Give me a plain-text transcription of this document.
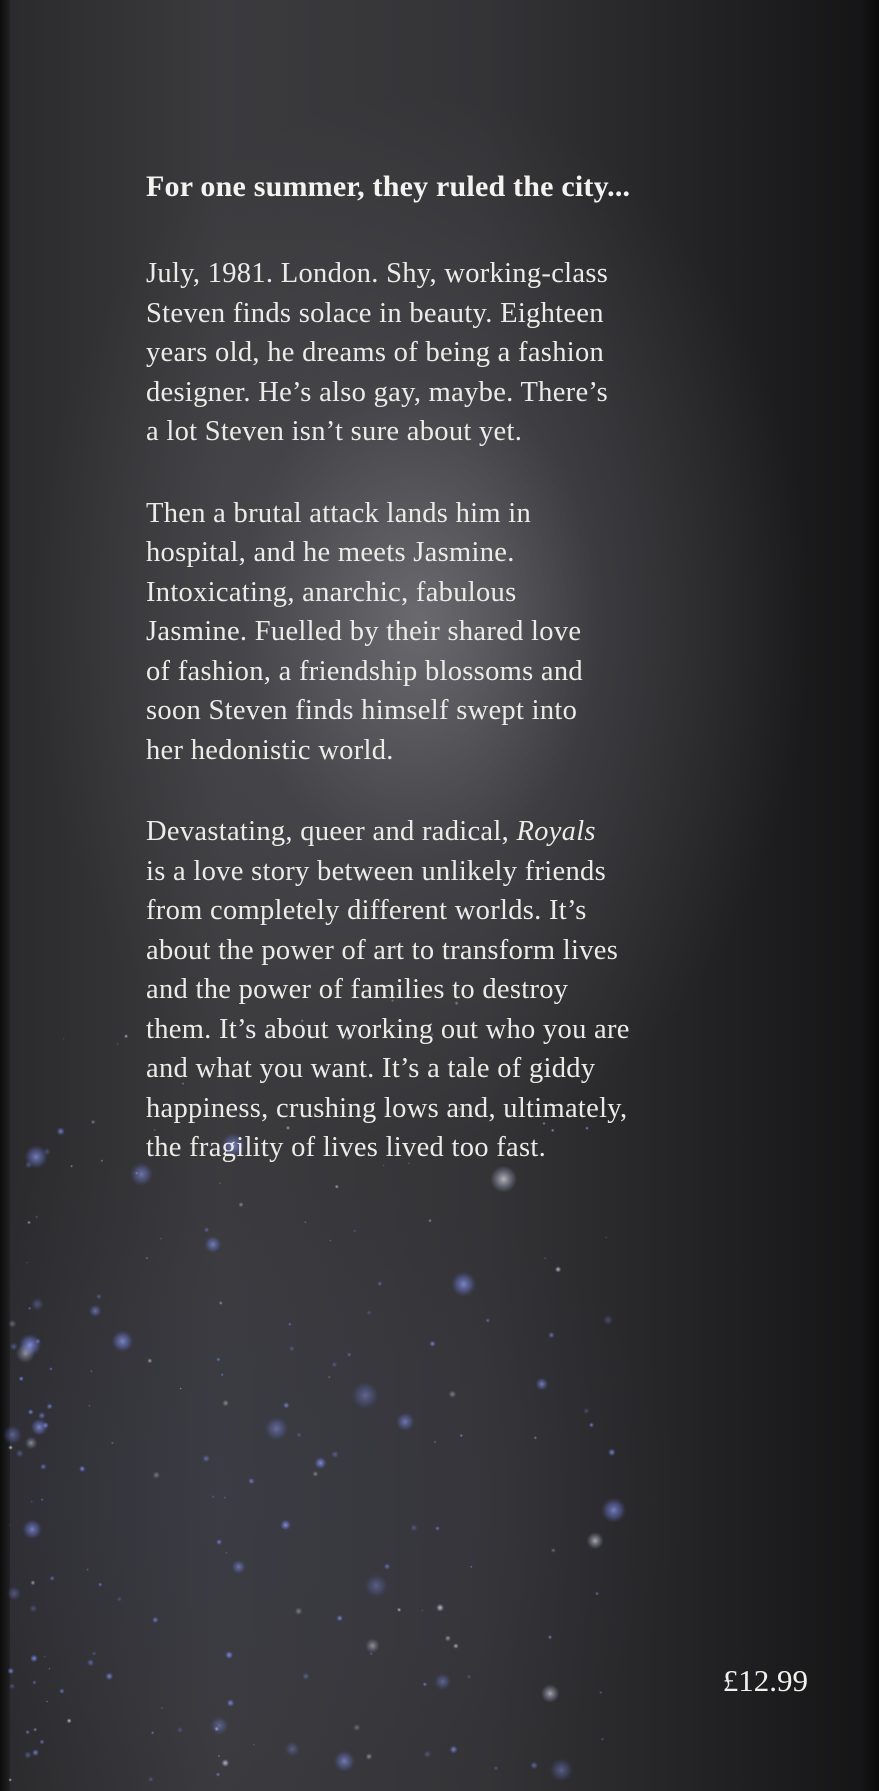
For one summer, they ruled the city...

July, 1981. London. Shy, working-class
Steven finds solace in beauty. Eighteen
years old, he dreams of being a fashion
designer. He’s also gay, maybe. There’s
a lot Steven isn’t sure about yet.

Then a brutal attack lands him in
hospital, and he meets Jasmine.
Intoxicating, anarchic, fabulous
Jasmine. Fuelled by their shared love
of fashion, a friendship blossoms and
soon Steven finds himself swept into
her hedonistic world.

Devastating, queer and radical, Royals
is a love story between unlikely friends
from completely different worlds. It’s
about the power of art to transform lives
and the power of families to destroy
them. It’s about working out who you are
and what you want. It’s a tale of giddy
happiness, crushing lows and, ultimately,
the fragility of lives lived too fast.

£12.99
